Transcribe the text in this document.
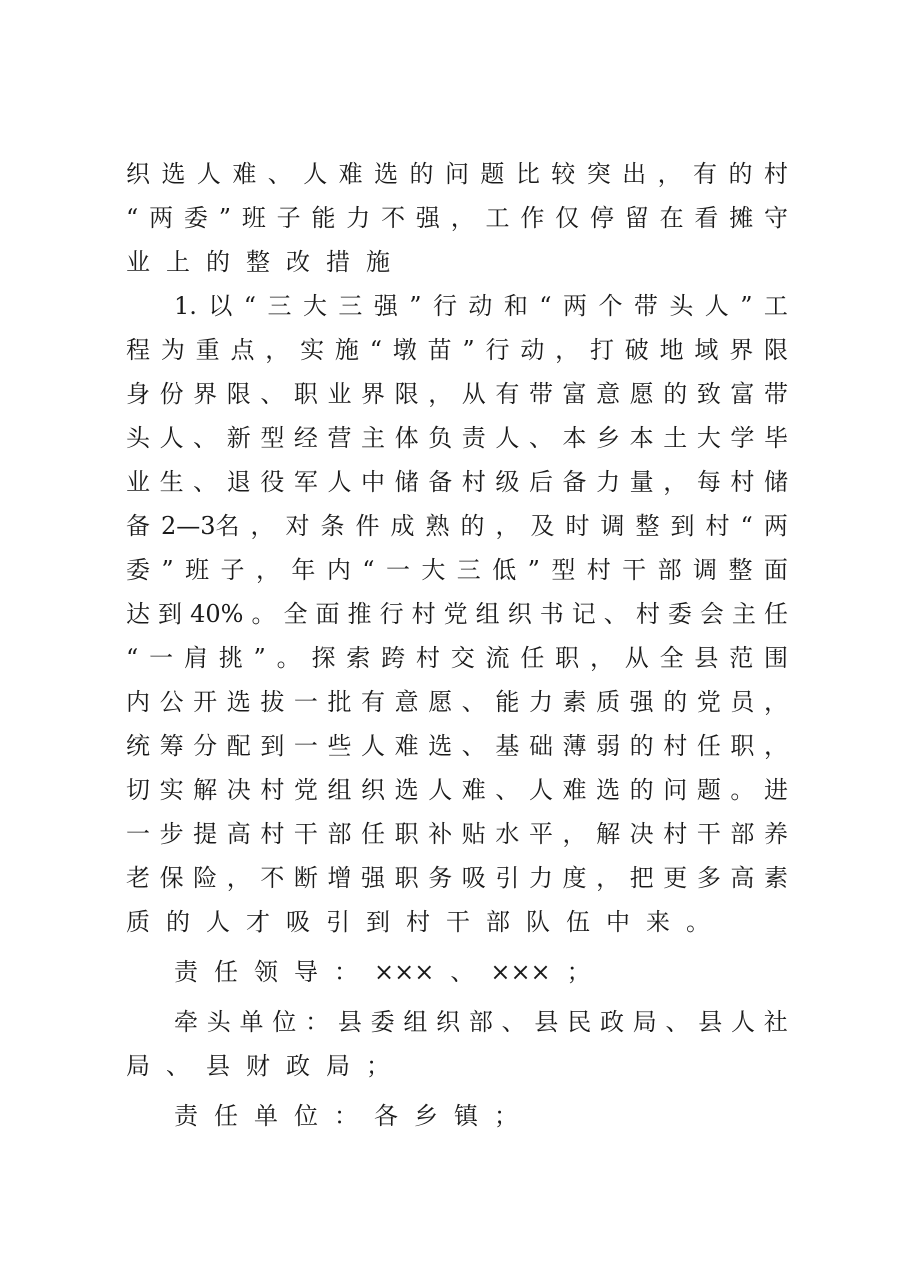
织 选 人 难 、 人 难 选 的 问 题 比 较 突 出 ， 有 的 村
“ 两 委 ” 班 子 能 力 不 强 ， 工 作 仅 停 留 在 看 摊 守
业 上 的 整 改 措 施
1. 以 “ 三 大 三 强 ” 行 动 和 “ 两 个 带 头 人 ” 工
程 为 重 点 ， 实 施 “ 墩 苗 ” 行 动 ， 打 破 地 域 界 限
身 份 界 限 、 职 业 界 限 ， 从 有 带 富 意 愿 的 致 富 带
头 人 、 新 型 经 营 主 体 负 责 人 、 本 乡 本 土 大 学 毕
业 生 、 退 役 军 人 中 储 备 村 级 后 备 力 量 ， 每 村 储
备 2—3名 ， 对 条 件 成 熟 的 ， 及 时 调 整 到 村 “ 两
委 ” 班 子 ， 年 内 “ 一 大 三 低 ” 型 村 干 部 调 整 面
达 到 40% 。 全 面 推 行 村 党 组 织 书 记 、 村 委 会 主 任
“ 一 肩 挑 ” 。 探 索 跨 村 交 流 任 职 ， 从 全 县 范 围
内 公 开 选 拔 一 批 有 意 愿 、 能 力 素 质 强 的 党 员 ，
统 筹 分 配 到 一 些 人 难 选 、 基 础 薄 弱 的 村 任 职 ，
切 实 解 决 村 党 组 织 选 人 难 、 人 难 选 的 问 题 。 进
一 步 提 高 村 干 部 任 职 补 贴 水 平 ， 解 决 村 干 部 养
老 保 险 ， 不 断 增 强 职 务 吸 引 力 度 ， 把 更 多 高 素
质 的 人 才 吸 引 到 村 干 部 队 伍 中 来 。
责 任 领 导 ： ××× 、 ××× ；
牵 头 单 位 ： 县 委 组 织 部 、 县 民 政 局 、 县 人 社
局 、 县 财 政 局 ；
责 任 单 位 ： 各 乡 镇 ；
